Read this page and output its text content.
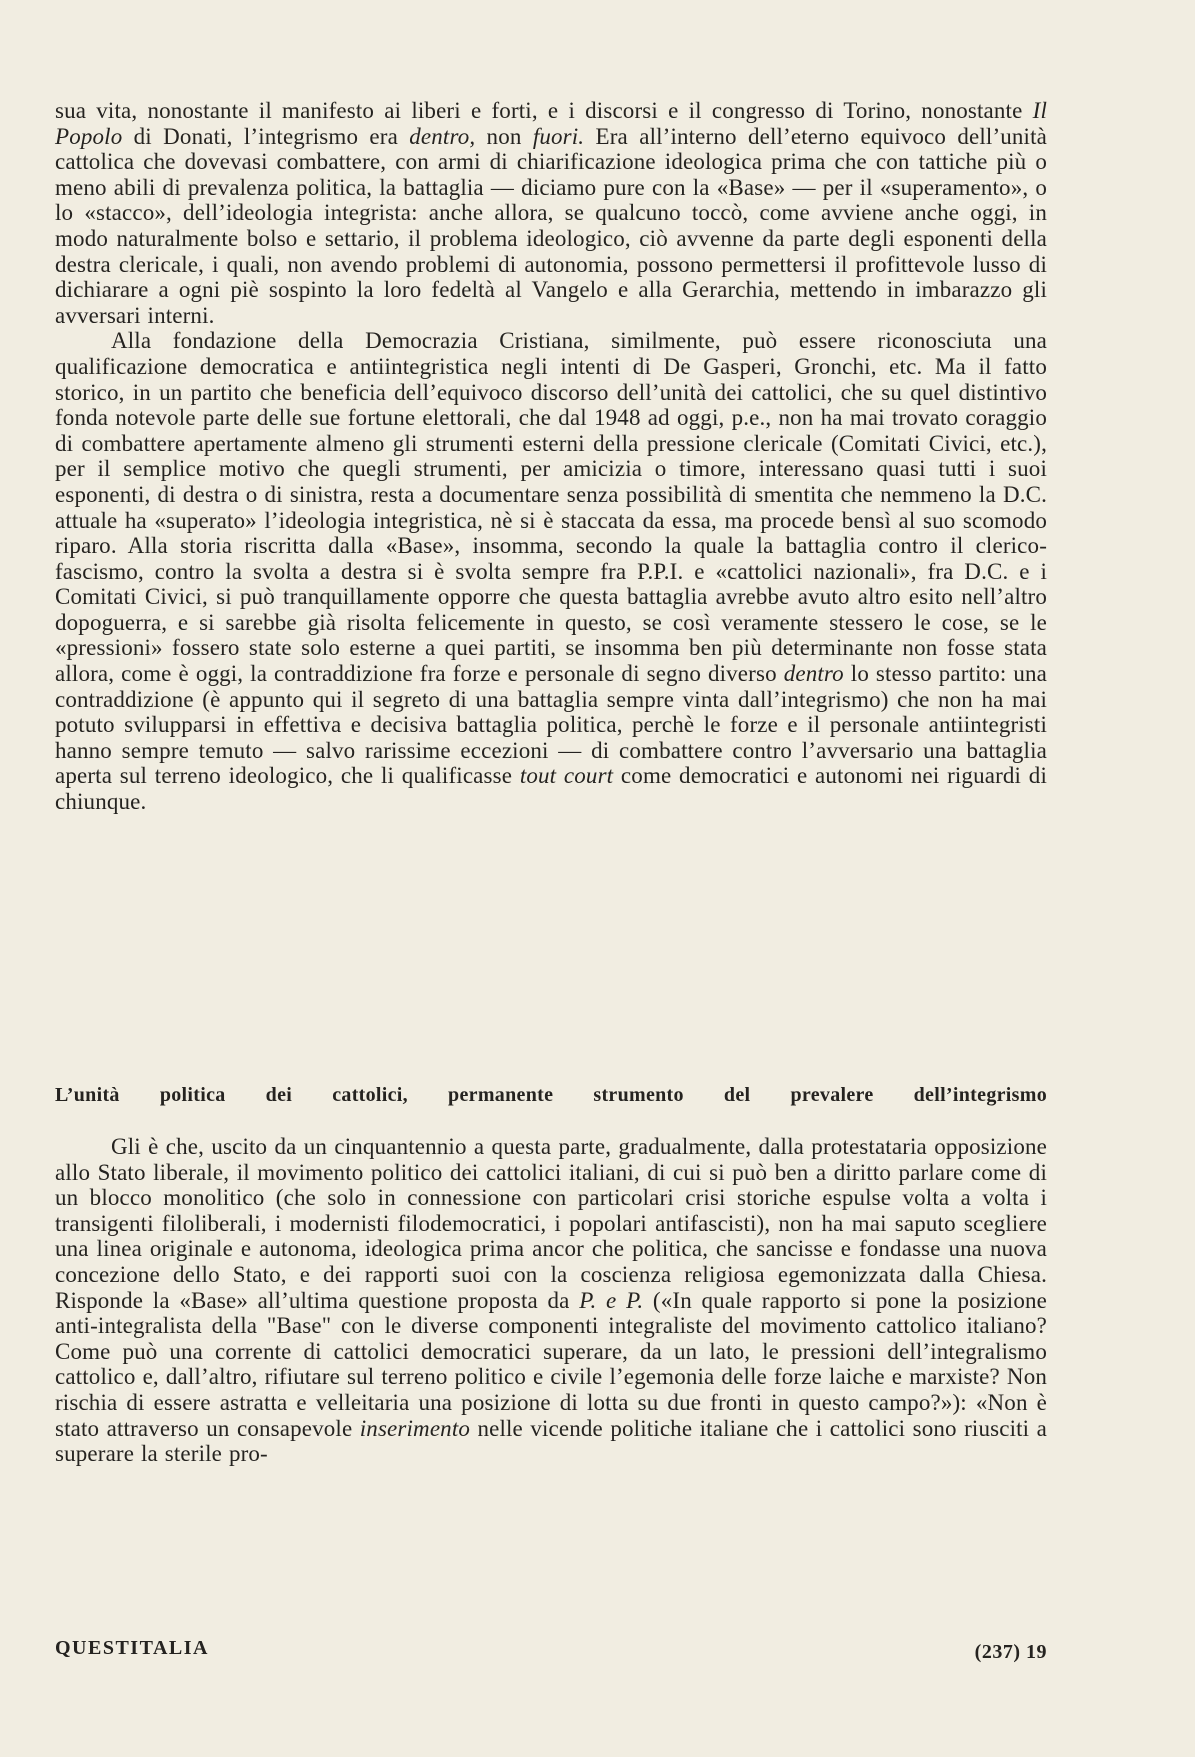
sua vita, nonostante il manifesto ai liberi e forti, e i discorsi e il congresso di Torino, nonostante Il Popolo di Donati, l’integrismo era dentro, non fuori. Era all’interno dell’eterno equivoco dell’unità cattolica che dovevasi combattere, con armi di chiarificazione ideologica prima che con tattiche più o meno abili di prevalenza politica, la battaglia — diciamo pure con la «Base» — per il «superamento», o lo «stacco», dell’ideologia integrista: anche allora, se qualcuno toccò, come avviene anche oggi, in modo naturalmente bolso e settario, il problema ideologico, ciò avvenne da parte degli esponenti della destra clericale, i quali, non avendo problemi di autonomia, possono permettersi il profittevole lusso di dichiarare a ogni piè sospinto la loro fedeltà al Vangelo e alla Gerarchia, mettendo in imbarazzo gli avversari interni.

Alla fondazione della Democrazia Cristiana, similmente, può essere riconosciuta una qualificazione democratica e antiintegristica negli intenti di De Gasperi, Gronchi, etc. Ma il fatto storico, in un partito che beneficia dell’equivoco discorso dell’unità dei cattolici, che su quel distintivo fonda notevole parte delle sue fortune elettorali, che dal 1948 ad oggi, p.e., non ha mai trovato coraggio di combattere apertamente almeno gli strumenti esterni della pressione clericale (Comitati Civici, etc.), per il semplice motivo che quegli strumenti, per amicizia o timore, interessano quasi tutti i suoi esponenti, di destra o di sinistra, resta a documentare senza possibilità di smentita che nemmeno la D.C. attuale ha «superato» l’ideologia integristica, nè si è staccata da essa, ma procede bensì al suo scomodo riparo. Alla storia riscritta dalla «Base», insomma, secondo la quale la battaglia contro il clerico-fascismo, contro la svolta a destra si è svolta sempre fra P.P.I. e «cattolici nazionali», fra D.C. e i Comitati Civici, si può tranquillamente opporre che questa battaglia avrebbe avuto altro esito nell’altro dopoguerra, e si sarebbe già risolta felicemente in questo, se così veramente stessero le cose, se le «pressioni» fossero state solo esterne a quei partiti, se insomma ben più determinante non fosse stata allora, come è oggi, la contraddizione fra forze e personale di segno diverso dentro lo stesso partito: una contraddizione (è appunto qui il segreto di una battaglia sempre vinta dall’integrismo) che non ha mai potuto svilupparsi in effettiva e decisiva battaglia politica, perchè le forze e il personale antiintegristi hanno sempre temuto — salvo rarissime eccezioni — di combattere contro l’avversario una battaglia aperta sul terreno ideologico, che li qualificasse tout court come democratici e autonomi nei riguardi di chiunque.

L’unità politica dei cattolici, permanente strumento del prevalere dell’integrismo

Gli è che, uscito da un cinquantennio a questa parte, gradualmente, dalla protestataria opposizione allo Stato liberale, il movimento politico dei cattolici italiani, di cui si può ben a diritto parlare come di un blocco monolitico (che solo in connessione con particolari crisi storiche espulse volta a volta i transigenti filoliberali, i modernisti filodemocratici, i popolari antifascisti), non ha mai saputo scegliere una linea originale e autonoma, ideologica prima ancor che politica, che sancisse e fondasse una nuova concezione dello Stato, e dei rapporti suoi con la coscienza religiosa egemonizzata dalla Chiesa. Risponde la «Base» all’ultima questione proposta da P. e P. («In quale rapporto si pone la posizione anti-integralista della "Base" con le diverse componenti integraliste del movimento cattolico italiano? Come può una corrente di cattolici democratici superare, da un lato, le pressioni dell’integralismo cattolico e, dall’altro, rifiutare sul terreno politico e civile l’egemonia delle forze laiche e marxiste? Non rischia di essere astratta e velleitaria una posizione di lotta su due fronti in questo campo?»): «Non è stato attraverso un consapevole inserimento nelle vicende politiche italiane che i cattolici sono riusciti a superare la sterile pro-

QUESTITALIA	(237) 19
